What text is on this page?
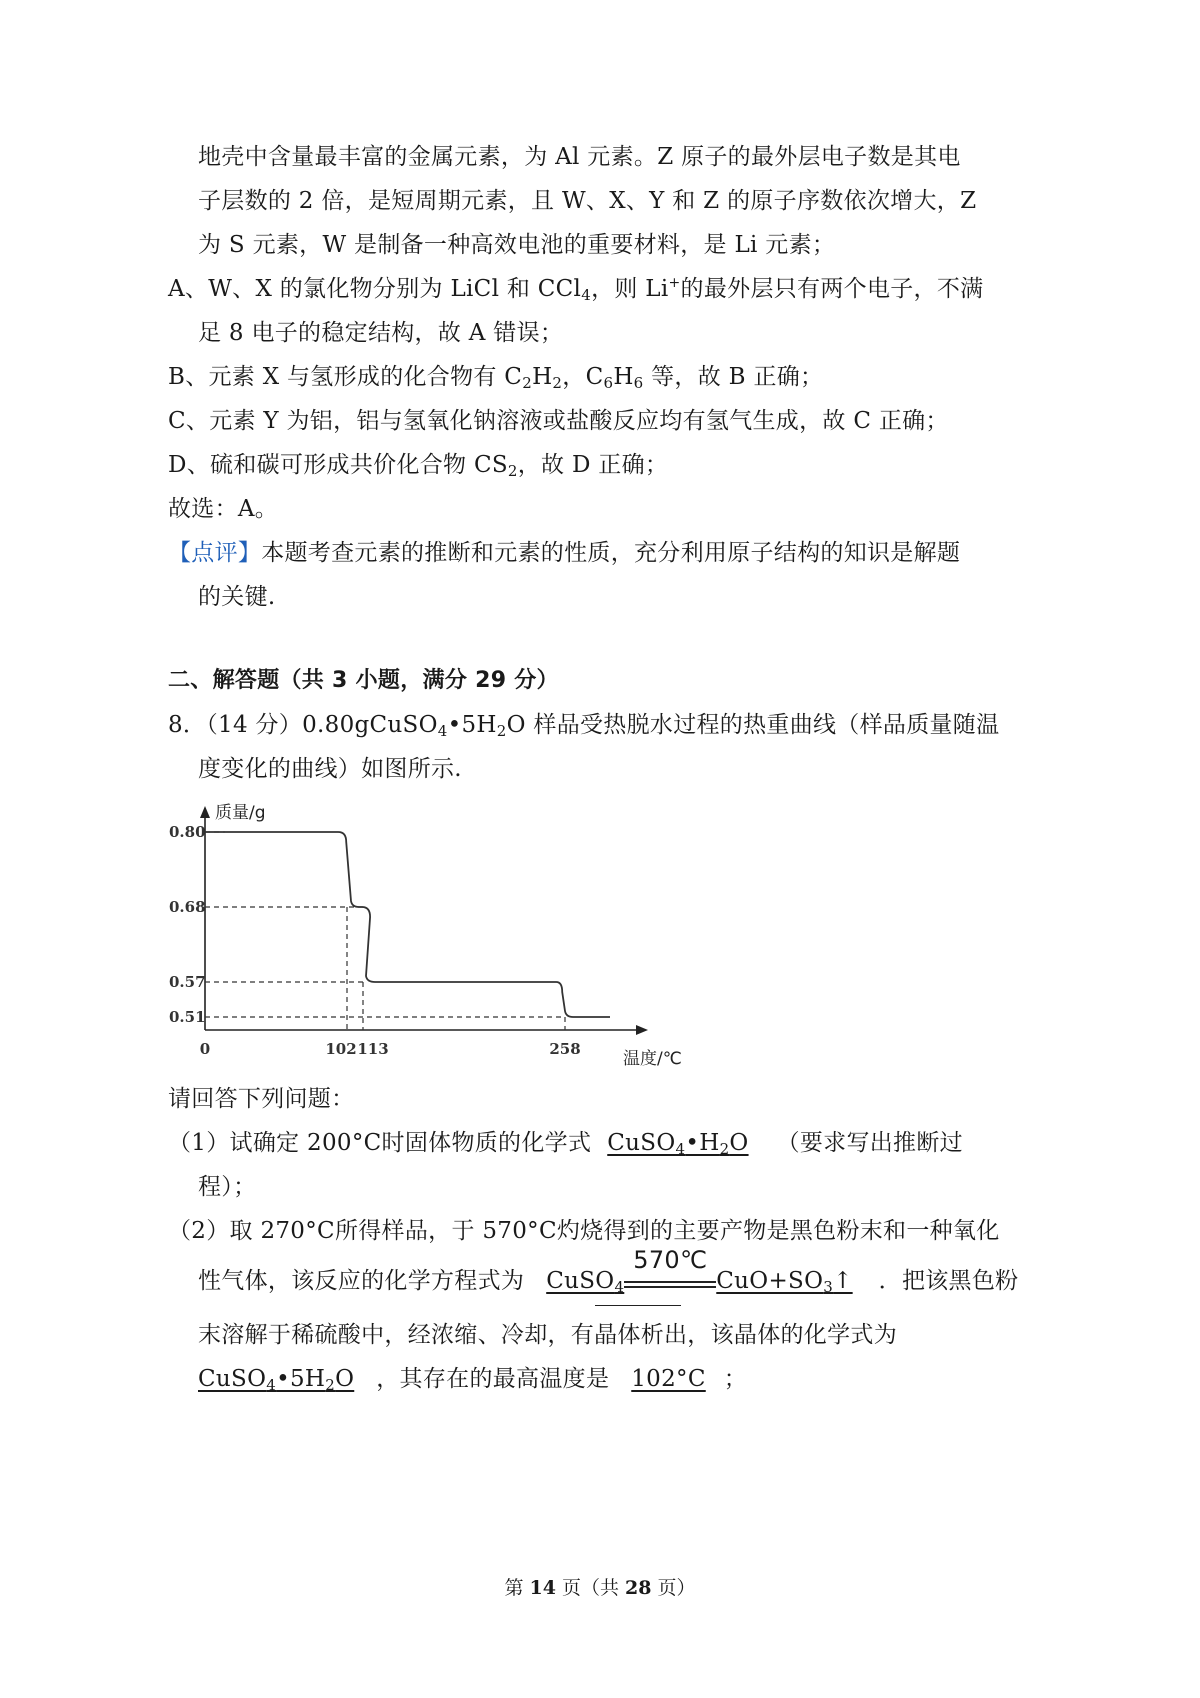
地壳中含量最丰富的金属元素，为 Al 元素。Z 原子的最外层电子数是其电
子层数的 2 倍，是短周期元素，且 W、X、Y 和 Z 的原子序数依次增大，Z
为 S 元素，W 是制备一种高效电池的重要材料，是 Li 元素；
A、W、X 的氯化物分别为 LiCl 和 CCl$_4$，则 Li+的最外层只有两个电子，不满
足 8 电子的稳定结构，故 A 错误；
B、元素 X 与氢形成的化合物有 $C_2H_2$，$C_6H_6$ 等，故 B 正确；
C、元素 Y 为铝，铝与氢氧化钠溶液或盐酸反应均有氢气生成，故 C 正确；
D、硫和碳可形成共价化合物 $CS_2$，故 D 正确；
故选：A。
【点评】本题考查元素的推断和元素的性质，充分利用原子结构的知识是解题
的关键.
二、解答题（共 3 小题，满分 29 分）
8．（14 分）$0.80gCuSO_4•5H_2O$ 样品受热脱水过程的热重曲线（样品质量随温
度变化的曲线）如图所示.
质量/g
温度/℃
0.80
0.68
0.57
0.51
0	102 113	258
请回答下列问题：
（1）试确定 200°C时固体物质的化学式 $CuSO_4•H_2O$ （要求写出推断过
程）；
（2）取 270°C所得样品，于 570°C灼烧得到的主要产物是黑色粉末和一种氧化
性气体，该反应的化学方程式为 CuSO$_4$
570℃
$CuO+SO_3↑$ ．把该黑色粉
末溶解于稀硫酸中，经浓缩、冷却，有晶体析出，该晶体的化学式为
$CuSO_4•5H_2O$ ，其存在的最高温度是 102°C ；
第 14 页（共 28 页）
